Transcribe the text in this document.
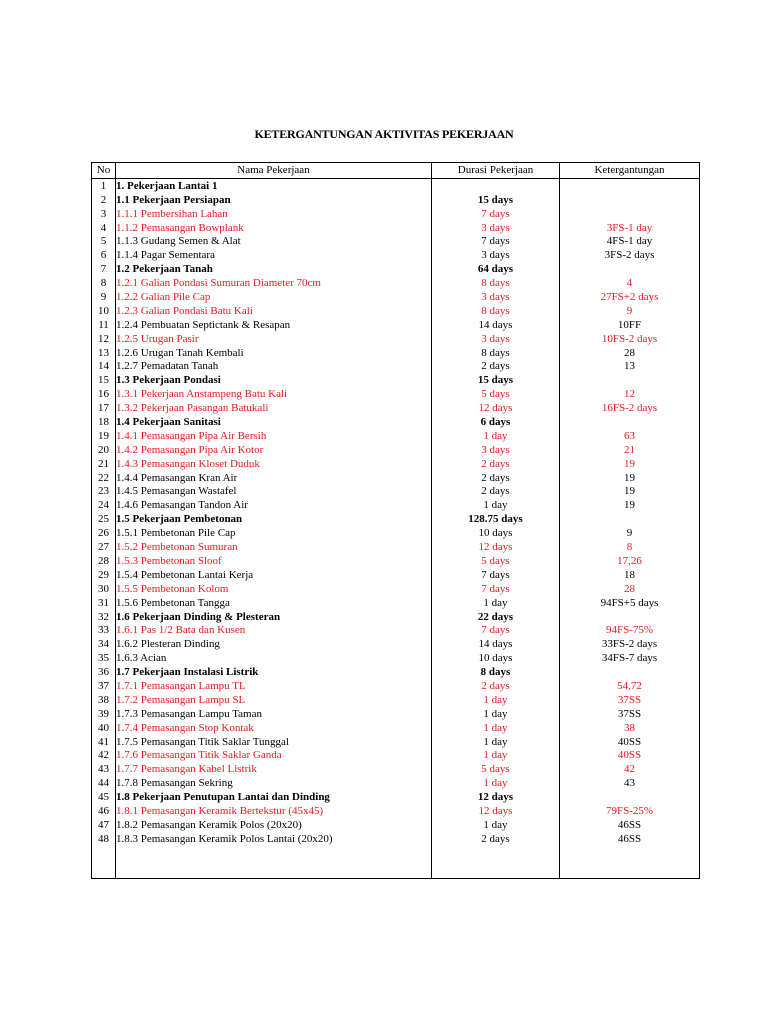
KETERGANTUNGAN AKTIVITAS PEKERJAAN
No	Nama Pekerjaan	Durasi Pekerjaan	Ketergantungan
1	1. Pekerjaan Lantai 1		
2	1.1 Pekerjaan Persiapan	15 days	
3	1.1.1 Pembersihan Lahan	7 days	
4	1.1.2 Pemasangan Bowplank	3 days	3FS-1 day
5	1.1.3 Gudang Semen & Alat	7 days	4FS-1 day
6	1.1.4 Pagar Sementara	3 days	3FS-2 days
7	1.2 Pekerjaan Tanah	64 days	
8	1.2.1 Galian Pondasi Sumuran Diameter 70cm	8 days	4
9	1.2.2 Galian Pile Cap	3 days	27FS+2 days
10	1.2.3 Galian Pondasi Batu Kali	8 days	9
11	1.2.4 Pembuatan Septictank & Resapan	14 days	10FF
12	1.2.5 Urugan Pasir	3 days	10FS-2 days
13	1.2.6 Urugan Tanah Kembali	8 days	28
14	1.2.7 Pemadatan Tanah	2 days	13
15	1.3 Pekerjaan Pondasi	15 days	
16	1.3.1 Pekerjaan Anstampeng Batu Kali	5 days	12
17	1.3.2 Pekerjaan Pasangan Batukali	12 days	16FS-2 days
18	1.4 Pekerjaan Sanitasi	6 days	
19	1.4.1 Pemasangan Pipa Air Bersih	1 day	63
20	1.4.2 Pemasangan Pipa Air Kotor	3 days	21
21	1.4.3 Pemasangan Kloset Duduk	2 days	19
22	1.4.4 Pemasangan Kran Air	2 days	19
23	1.4.5 Pemasangan Wastafel	2 days	19
24	1.4.6 Pemasangan Tandon Air	1 day	19
25	1.5 Pekerjaan Pembetonan	128.75 days	
26	1.5.1 Pembetonan Pile Cap	10 days	9
27	1.5.2 Pembetonan Sumuran	12 days	8
28	1.5.3 Pembetonan Sloof	5 days	17,26
29	1.5.4 Pembetonan Lantai Kerja	7 days	18
30	1.5.5 Pembetonan Kolom	7 days	28
31	1.5.6 Pembetonan Tangga	1 day	94FS+5 days
32	1.6 Pekerjaan Dinding & Plesteran	22 days	
33	1.6.1 Pas 1/2 Bata dan Kusen	7 days	94FS-75%
34	1.6.2 Plesteran Dinding	14 days	33FS-2 days
35	1.6.3 Acian	10 days	34FS-7 days
36	1.7 Pekerjaan Instalasi Listrik	8 days	
37	1.7.1 Pemasangan Lampu TL	2 days	54,72
38	1.7.2 Pemasangan Lampu SL	1 day	37SS
39	1.7.3 Pemasangan Lampu Taman	1 day	37SS
40	1.7.4 Pemasangan Stop Kontak	1 day	38
41	1.7.5 Pemasangan Titik Saklar Tunggal	1 day	40SS
42	1.7.6 Pemasangan Titik Saklar Ganda	1 day	40SS
43	1.7.7 Pemasangan Kabel Listrik	5 days	42
44	1.7.8 Pemasangan Sekring	1 day	43
45	1.8 Pekerjaan Penutupan Lantai dan Dinding	12 days	
46	1.8.1 Pemasangan Keramik Bertekstur (45x45)	12 days	79FS-25%
47	1.8.2 Pemasangan Keramik Polos (20x20)	1 day	46SS
48	1.8.3 Pemasangan Keramik Polos Lantai (20x20)	2 days	46SS
